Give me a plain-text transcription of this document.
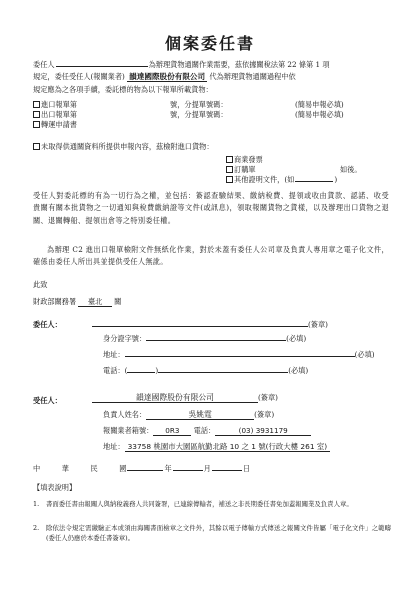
個案委任書
委任人	為辦理貨物通關作業需要，茲依據關稅法第 22 條第 1 項
規定，委任受任人(報關業者) 韻達國際股份有限公司 代為辦理貨物通關過程中依
規定應為之各項手續，委託標的物為以下報單所載貨物：
進口報單第	號，分提單號碼：	(簡易申報必填)
出口報單第	號，分提單號碼：	(簡易申報必填)
轉運申請書
未取得供通關資料所提供申報內容，茲檢附進口貨物：
商業發票
訂購單	如後。
其他證明文件，(如	)
受任人對委託標的有為一切行為之權，並包括：簽認查驗結果、繳納稅費、提領或收由貨款、認諾、收受　貴關有關本批貨物之一切通知與稅費繳納證等文件(或訊息)，領取報關貨物之貨樣，以及辦理出口貨物之退關、退關轉船、提領出倉等之特別委任權。
為辦理 C2 進出口報單檢附文件無紙化作業，對於未蓋有委任人公司章及負責人專用章之電子化文件，確係由委任人所出具並提供受任人無訛。
此致
財政部關務署 臺北 關
委任人：	(簽章)
身分證字號：	(必填)
地址：	(必填)
電話：(	)	(必填)
受任人：	韻達國際股份有限公司	(簽章)
負責人姓名：	吳姚霆	(簽章)
報關業者箱號： 0R3 電話：	(03) 3931179
地址： 33758 桃園市大園區航勤北路 10 之 1 號(行政大樓 261 室)
中　　　華　　　民　　　國	年	月	日
【填表說明】
1. 書面委任書由報關人與納稅義務人共同簽署，已連線傳輸者，補送之非長期委任書免加蓋報關業及負責人章。
2. 除依法令規定需繳驗正本或須由海關書面檢章之文件外，其餘以電子傳輸方式傳送之報關文件皆屬「電子化文件」之範疇(委任人仍應於本委任書簽章)。
